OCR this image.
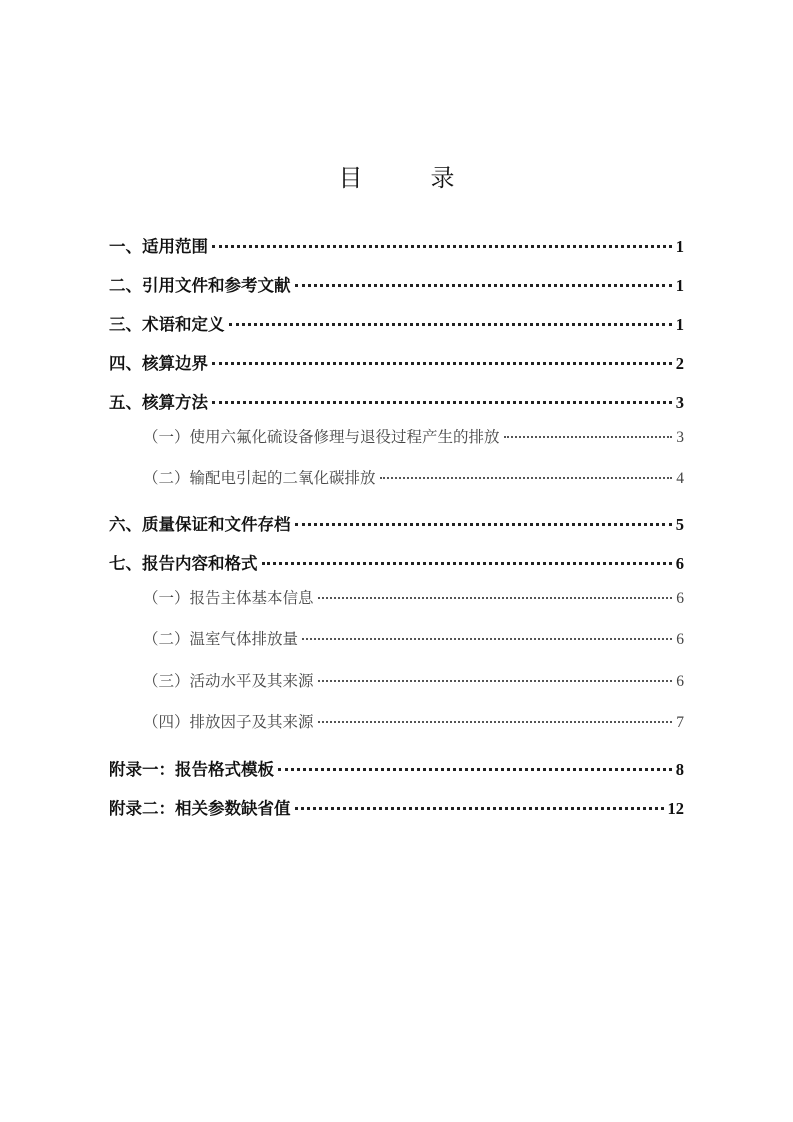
目　录
一、适用范围	1
二、引用文件和参考文献	1
三、术语和定义	1
四、核算边界	2
五、核算方法	3
（一）使用六氟化硫设备修理与退役过程产生的排放	3
（二）输配电引起的二氧化碳排放	4
六、质量保证和文件存档	5
七、报告内容和格式	6
（一）报告主体基本信息	6
（二）温室气体排放量	6
（三）活动水平及其来源	6
（四）排放因子及其来源	7
附录一：报告格式模板	8
附录二：相关参数缺省值	12
